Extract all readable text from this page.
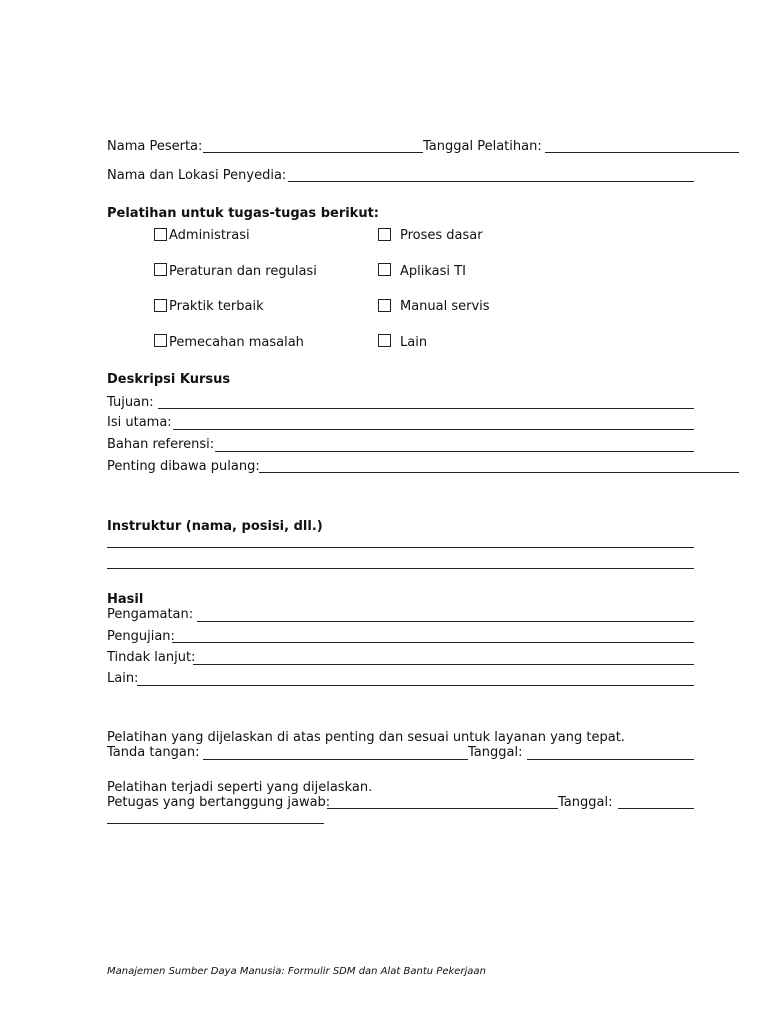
Nama Peserta:	Tanggal Pelatihan:
Nama dan Lokasi Penyedia:
Pelatihan untuk tugas-tugas berikut:
Administrasi
Peraturan dan regulasi
Praktik terbaik
Pemecahan masalah
Proses dasar
Aplikasi TI
Manual servis
Lain
Deskripsi Kursus
Tujuan:
Isi utama:
Bahan referensi:
Penting dibawa pulang:
Instruktur (nama, posisi, dll.)
Hasil
Pengamatan:
Pengujian:
Tindak lanjut:
Lain:
Pelatihan yang dijelaskan di atas penting dan sesuai untuk layanan yang tepat.
Tanda tangan:	Tanggal:
Pelatihan terjadi seperti yang dijelaskan.
Petugas yang bertanggung jawab:	Tanggal:
Manajemen Sumber Daya Manusia: Formulir SDM dan Alat Bantu Pekerjaan
